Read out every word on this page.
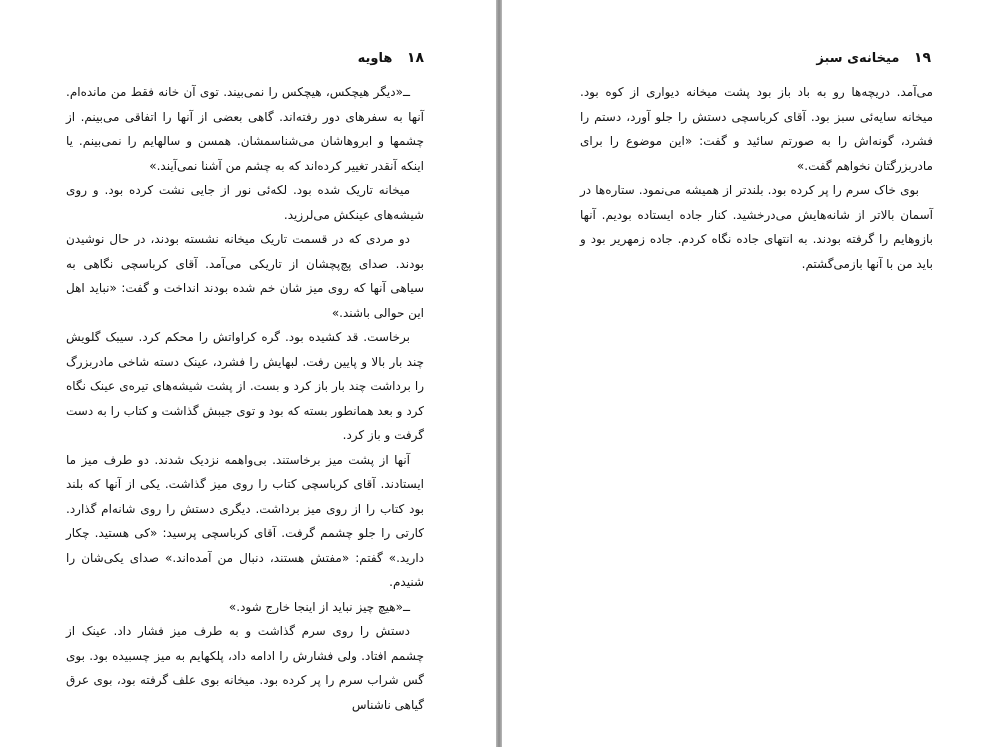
۱۹ میخانه‌ی سبز

می‌آمد. دریچه‌ها رو به باد باز بود پشت میخانه دیواری از کوه بود. میخانه سایه‌ئی سبز بود. آقای کرباسچی دستش را جلو آورد، دستم را فشرد، گونه‌اش را به صورتم سائید و گفت: «این موضوع را برای مادربزرگتان نخواهم گفت.»

بوی خاک سرم را پر کرده بود. بلندتر از همیشه می‌نمود. ستاره‌ها در آسمان بالاتر از شانه‌هایش می‌درخشید. کنار جاده ایستاده بودیم. آنها بازوهایم را گرفته بودند. به انتهای جاده نگاه کردم. جاده زمهریر بود و باید من با آنها بازمی‌گشتم.

۱۸ هاویه

ــ«دیگر هیچکس، هیچکس را نمی‌بیند. توی آن خانه فقط من مانده‌ام. آنها به سفرهای دور رفته‌اند. گاهی بعضی از آنها را اتفاقی می‌بینم. از چشمها و ابروهاشان می‌شناسمشان. همسن و سالهایم را نمی‌بینم. یا اینکه آنقدر تغییر کرده‌اند که به چشم من آشنا نمی‌آیند.»

میخانه تاریک شده بود. لکه‌ئی نور از جایی نشت کرده بود. و روی شیشه‌های عینکش می‌لرزید.

دو مردی که در قسمت تاریک میخانه نشسته بودند، در حال نوشیدن بودند. صدای پچ‌پچشان از تاریکی می‌آمد. آقای کرباسچی نگاهی به سیاهی آنها که روی میز شان خم شده بودند انداخت و گفت: «نباید اهل این حوالی باشند.»

برخاست. قد کشیده بود. گره کراواتش را محکم کرد. سیبک گلویش چند بار بالا و پایین رفت. لبهایش را فشرد، عینک دسته شاخی مادربزرگ را برداشت چند بار باز کرد و بست. از پشت شیشه‌های تیره‌ی عینک نگاه کرد و بعد همانطور بسته که بود و توی جیبش گذاشت و کتاب را به دست گرفت و باز کرد.

آنها از پشت میز برخاستند. بی‌واهمه نزدیک شدند. دو طرف میز ما ایستادند. آقای کرباسچی کتاب را روی میز گذاشت. یکی از آنها که بلند بود کتاب را از روی میز برداشت. دیگری دستش را روی شانه‌ام گذارد. کارتی را جلو چشمم گرفت. آقای کرباسچی پرسید: «کی هستید. چکار دارید.» گفتم: «مفتش هستند، دنبال من آمده‌اند.» صدای یکی‌شان را شنیدم.

ــ«هیچ چیز نباید از اینجا خارج شود.»

دستش را روی سرم گذاشت و به طرف میز فشار داد. عینک از چشمم افتاد. ولی فشارش را ادامه داد، پلکهایم به میز چسبیده بود. بوی گس شراب سرم را پر کرده بود. میخانه بوی علف گرفته بود، بوی عرق گیاهی ناشناس
